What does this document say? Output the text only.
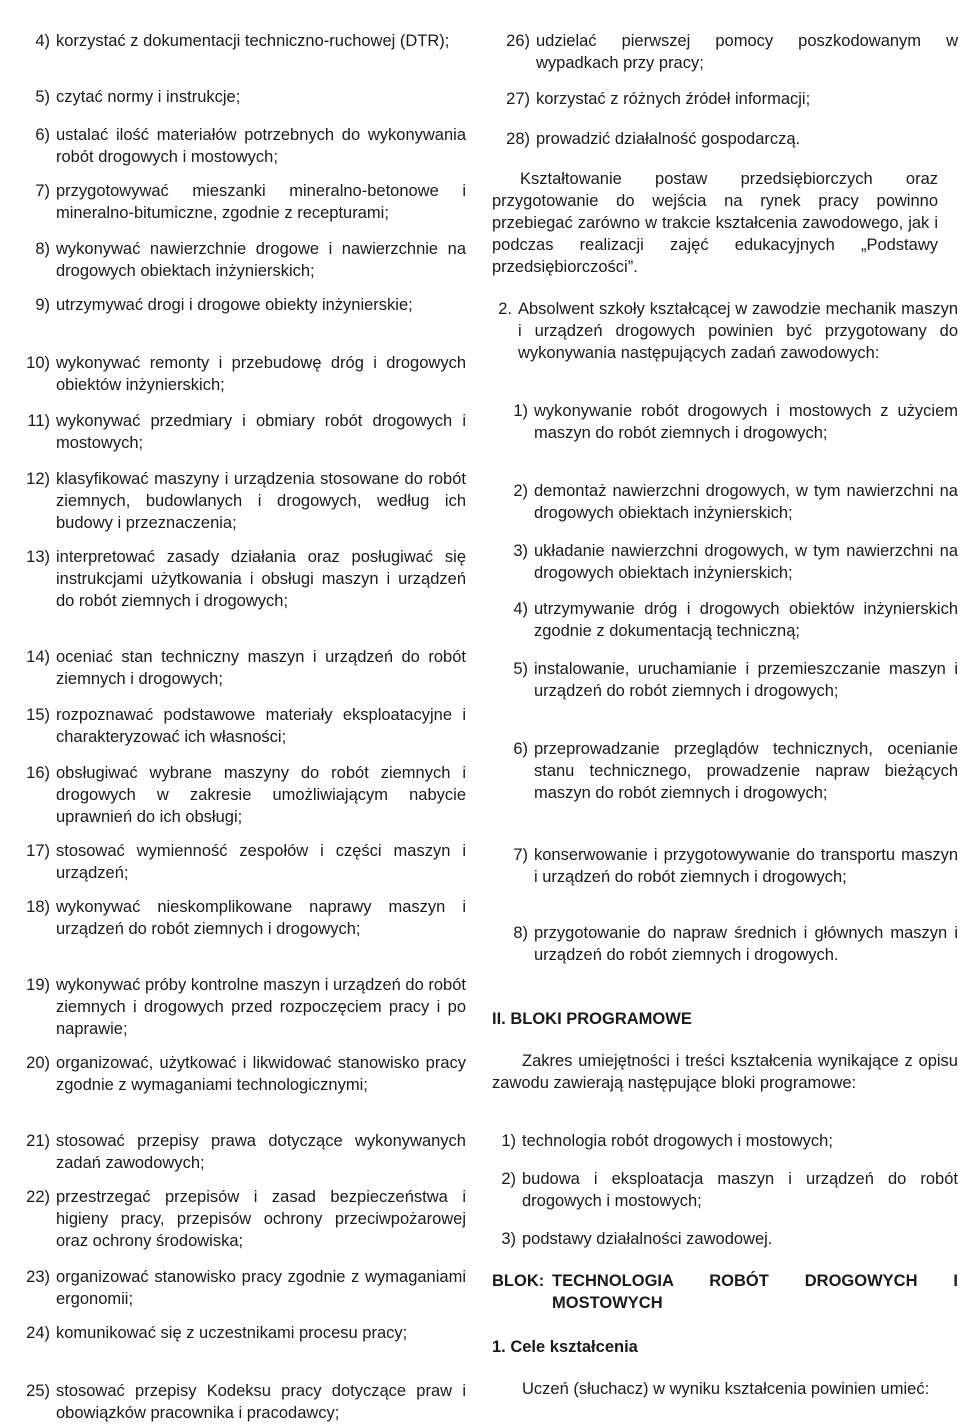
4) korzystać z dokumentacji techniczno-ruchowej (DTR);
5) czytać normy i instrukcje;
6) ustalać ilość materiałów potrzebnych do wykonywania robót drogowych i mostowych;
7) przygotowywać mieszanki mineralno-betonowe i mineralno-bitumiczne, zgodnie z recepturami;
8) wykonywać nawierzchnie drogowe i nawierzchnie na drogowych obiektach inżynierskich;
9) utrzymywać drogi i drogowe obiekty inżynierskie;
10) wykonywać remonty i przebudowę dróg i drogowych obiektów inżynierskich;
11) wykonywać przedmiary i obmiary robót drogowych i mostowych;
12) klasyfikować maszyny i urządzenia stosowane do robót ziemnych, budowlanych i drogowych, według ich budowy i przeznaczenia;
13) interpretować zasady działania oraz posługiwać się instrukcjami użytkowania i obsługi maszyn i urządzeń do robót ziemnych i drogowych;
14) oceniać stan techniczny maszyn i urządzeń do robót ziemnych i drogowych;
15) rozpoznawać podstawowe materiały eksploatacyjne i charakteryzować ich własności;
16) obsługiwać wybrane maszyny do robót ziemnych i drogowych w zakresie umożliwiającym nabycie uprawnień do ich obsługi;
17) stosować wymienność zespołów i części maszyn i urządzeń;
18) wykonywać nieskomplikowane naprawy maszyn i urządzeń do robót ziemnych i drogowych;
19) wykonywać próby kontrolne maszyn i urządzeń do robót ziemnych i drogowych przed rozpoczęciem pracy i po naprawie;
20) organizować, użytkować i likwidować stanowisko pracy zgodnie z wymaganiami technologicznymi;
21) stosować przepisy prawa dotyczące wykonywanych zadań zawodowych;
22) przestrzegać przepisów i zasad bezpieczeństwa i higieny pracy, przepisów ochrony przeciwpożarowej oraz ochrony środowiska;
23) organizować stanowisko pracy zgodnie z wymaganiami ergonomii;
24) komunikować się z uczestnikami procesu pracy;
25) stosować przepisy Kodeksu pracy dotyczące praw i obowiązków pracownika i pracodawcy;
Kształtowanie postaw przedsiębiorczych oraz przygotowanie do wejścia na rynek pracy powinno przebiegać zarówno w trakcie kształcenia zawodowego, jak i podczas realizacji zajęć edukacyjnych „Podstawy przedsiębiorczości”.
II. BLOKI PROGRAMOWE
Zakres umiejętności i treści kształcenia wynikające z opisu zawodu zawierają następujące bloki programowe:
BLOK: TECHNOLOGIA ROBÓT DROGOWYCH I MOSTOWYCH
1. Cele kształcenia
Uczeń (słuchacz) w wyniku kształcenia powinien umieć:
26) udzielać pierwszej pomocy poszkodowanym w wypadkach przy pracy;
27) korzystać z różnych źródeł informacji;
28) prowadzić działalność gospodarczą.
2. Absolwent szkoły kształcącej w zawodzie mechanik maszyn i urządzeń drogowych powinien być przygotowany do wykonywania następujących zadań zawodowych:
1) wykonywanie robót drogowych i mostowych z użyciem maszyn do robót ziemnych i drogowych;
2) demontaż nawierzchni drogowych, w tym nawierzchni na drogowych obiektach inżynierskich;
3) układanie nawierzchni drogowych, w tym nawierzchni na drogowych obiektach inżynierskich;
4) utrzymywanie dróg i drogowych obiektów inżynierskich zgodnie z dokumentacją techniczną;
5) instalowanie, uruchamianie i przemieszczanie maszyn i urządzeń do robót ziemnych i drogowych;
6) przeprowadzanie przeglądów technicznych, ocenianie stanu technicznego, prowadzenie napraw bieżących maszyn do robót ziemnych i drogowych;
7) konserwowanie i przygotowywanie do transportu maszyn i urządzeń do robót ziemnych i drogowych;
8) przygotowanie do napraw średnich i głównych maszyn i urządzeń do robót ziemnych i drogowych.
1) technologia robót drogowych i mostowych;
2) budowa i eksploatacja maszyn i urządzeń do robót drogowych i mostowych;
3) podstawy działalności zawodowej.
